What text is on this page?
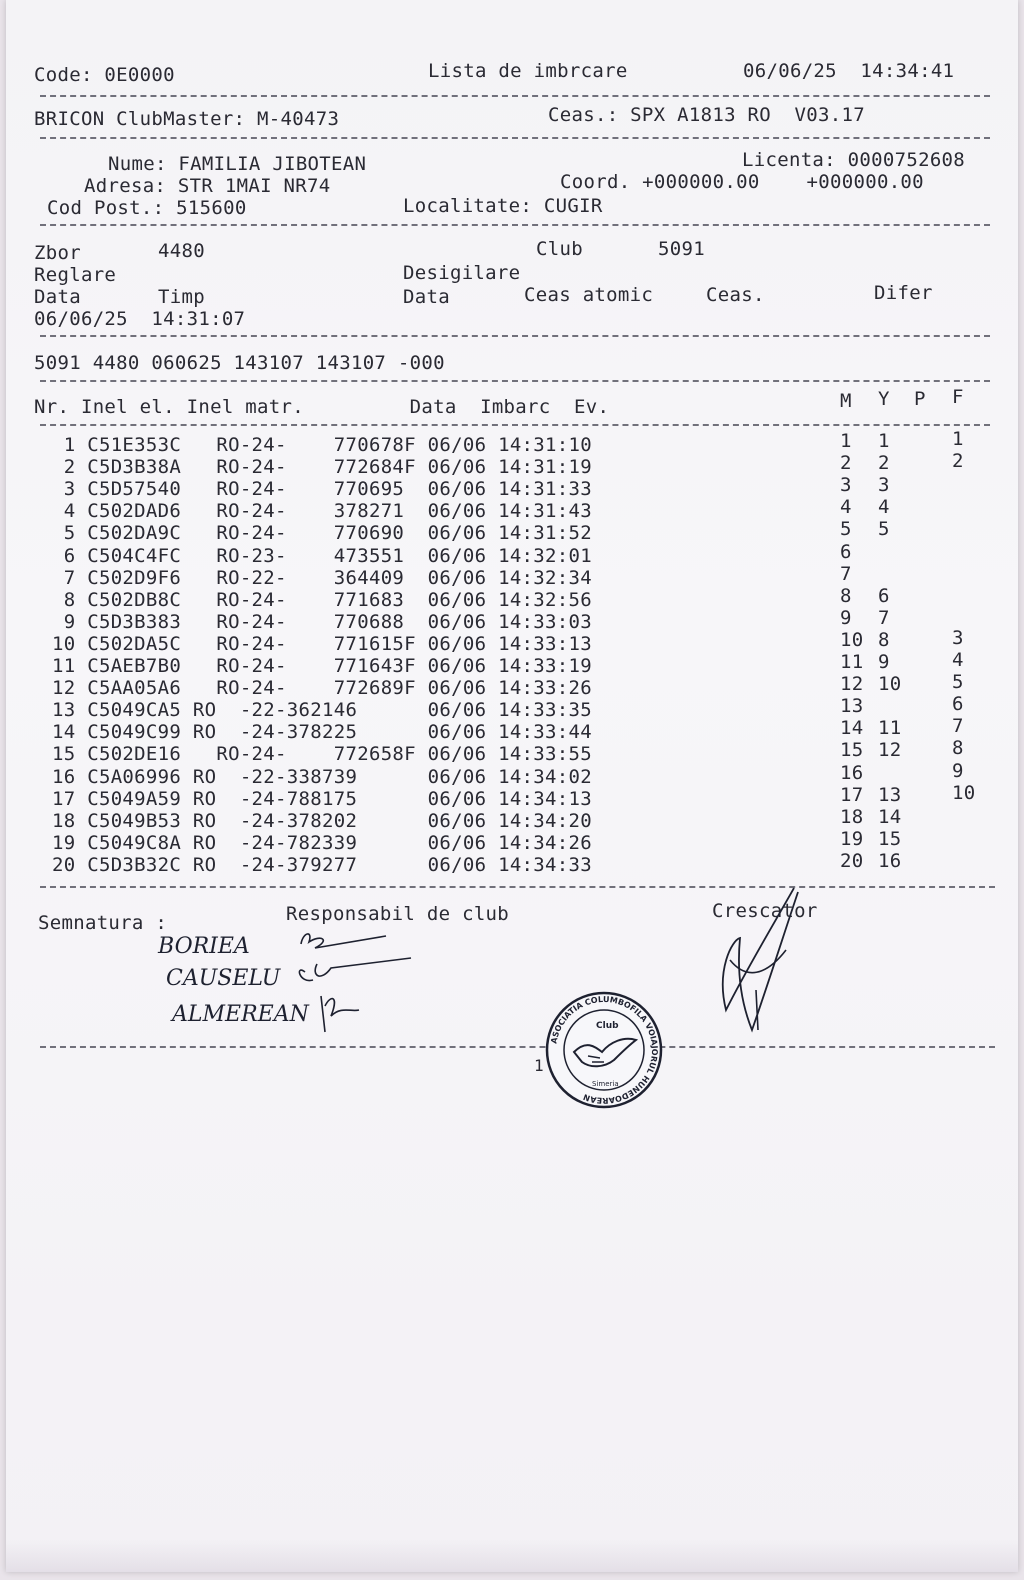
Code: 0E0000	Lista de imbrcare	06/06/25  14:34:41
BRICON ClubMaster: M-40473	Ceas.: SPX A1813 RO  V03.17
Nume: FAMILIA JIBOTEAN	Licenta: 0000752608
Adresa: STR 1MAI NR74	Coord. +000000.00    +000000.00
Cod Post.: 515600	Localitate: CUGIR
Zbor	4480	Club	5091
Reglare	Desigilare
Data	Timp	Data	Ceas atomic	Ceas.	Difer
06/06/25  14:31:07
5091 4480 060625 143107 143107 -000
Nr. Inel el. Inel matr.         Data  Imbarc  Ev.	M Y P F
1 C51E353C   RO-24-    770678F 06/06 14:31:10	1 1	1
2 C5D3B38A   RO-24-    772684F 06/06 14:31:19	2 2	2
3 C5D57540   RO-24-    770695  06/06 14:31:33	3 3
4 C502DAD6   RO-24-    378271  06/06 14:31:43	4 4
5 C502DA9C   RO-24-    770690  06/06 14:31:52	5 5
6 C504C4FC   RO-23-    473551  06/06 14:32:01	6
7 C502D9F6   RO-22-    364409  06/06 14:32:34	7
8 C502DB8C   RO-24-    771683  06/06 14:32:56	8 6
9 C5D3B383   RO-24-    770688  06/06 14:33:03	9 7
10 C502DA5C   RO-24-    771615F 06/06 14:33:13	10 8	3
11 C5AEB7B0   RO-24-    771643F 06/06 14:33:19	11 9	4
12 C5AA05A6   RO-24-    772689F 06/06 14:33:26	12 10	5
13 C5049CA5 RO  -22-362146      06/06 14:33:35	13	6
14 C5049C99 RO  -24-378225      06/06 14:33:44	14 11	7
15 C502DE16   RO-24-    772658F 06/06 14:33:55	15 12	8
16 C5A06996 RO  -22-338739      06/06 14:34:02	16	9
17 C5049A59 RO  -24-788175      06/06 14:34:13	17 13	10
18 C5049B53 RO  -24-378202      06/06 14:34:20	18 14
19 C5049C8A RO  -24-782339      06/06 14:34:26	19 15
20 C5D3B32C RO  -24-379277      06/06 14:34:33	20 16
Semnatura :	Responsabil de club	Crescator
BORIEA
CAUSELU
ALMEREAN
1
ASOCIATIA COLUMBOFILA VOIAJORUL HUNEDOAREAN
Club
Simeria
